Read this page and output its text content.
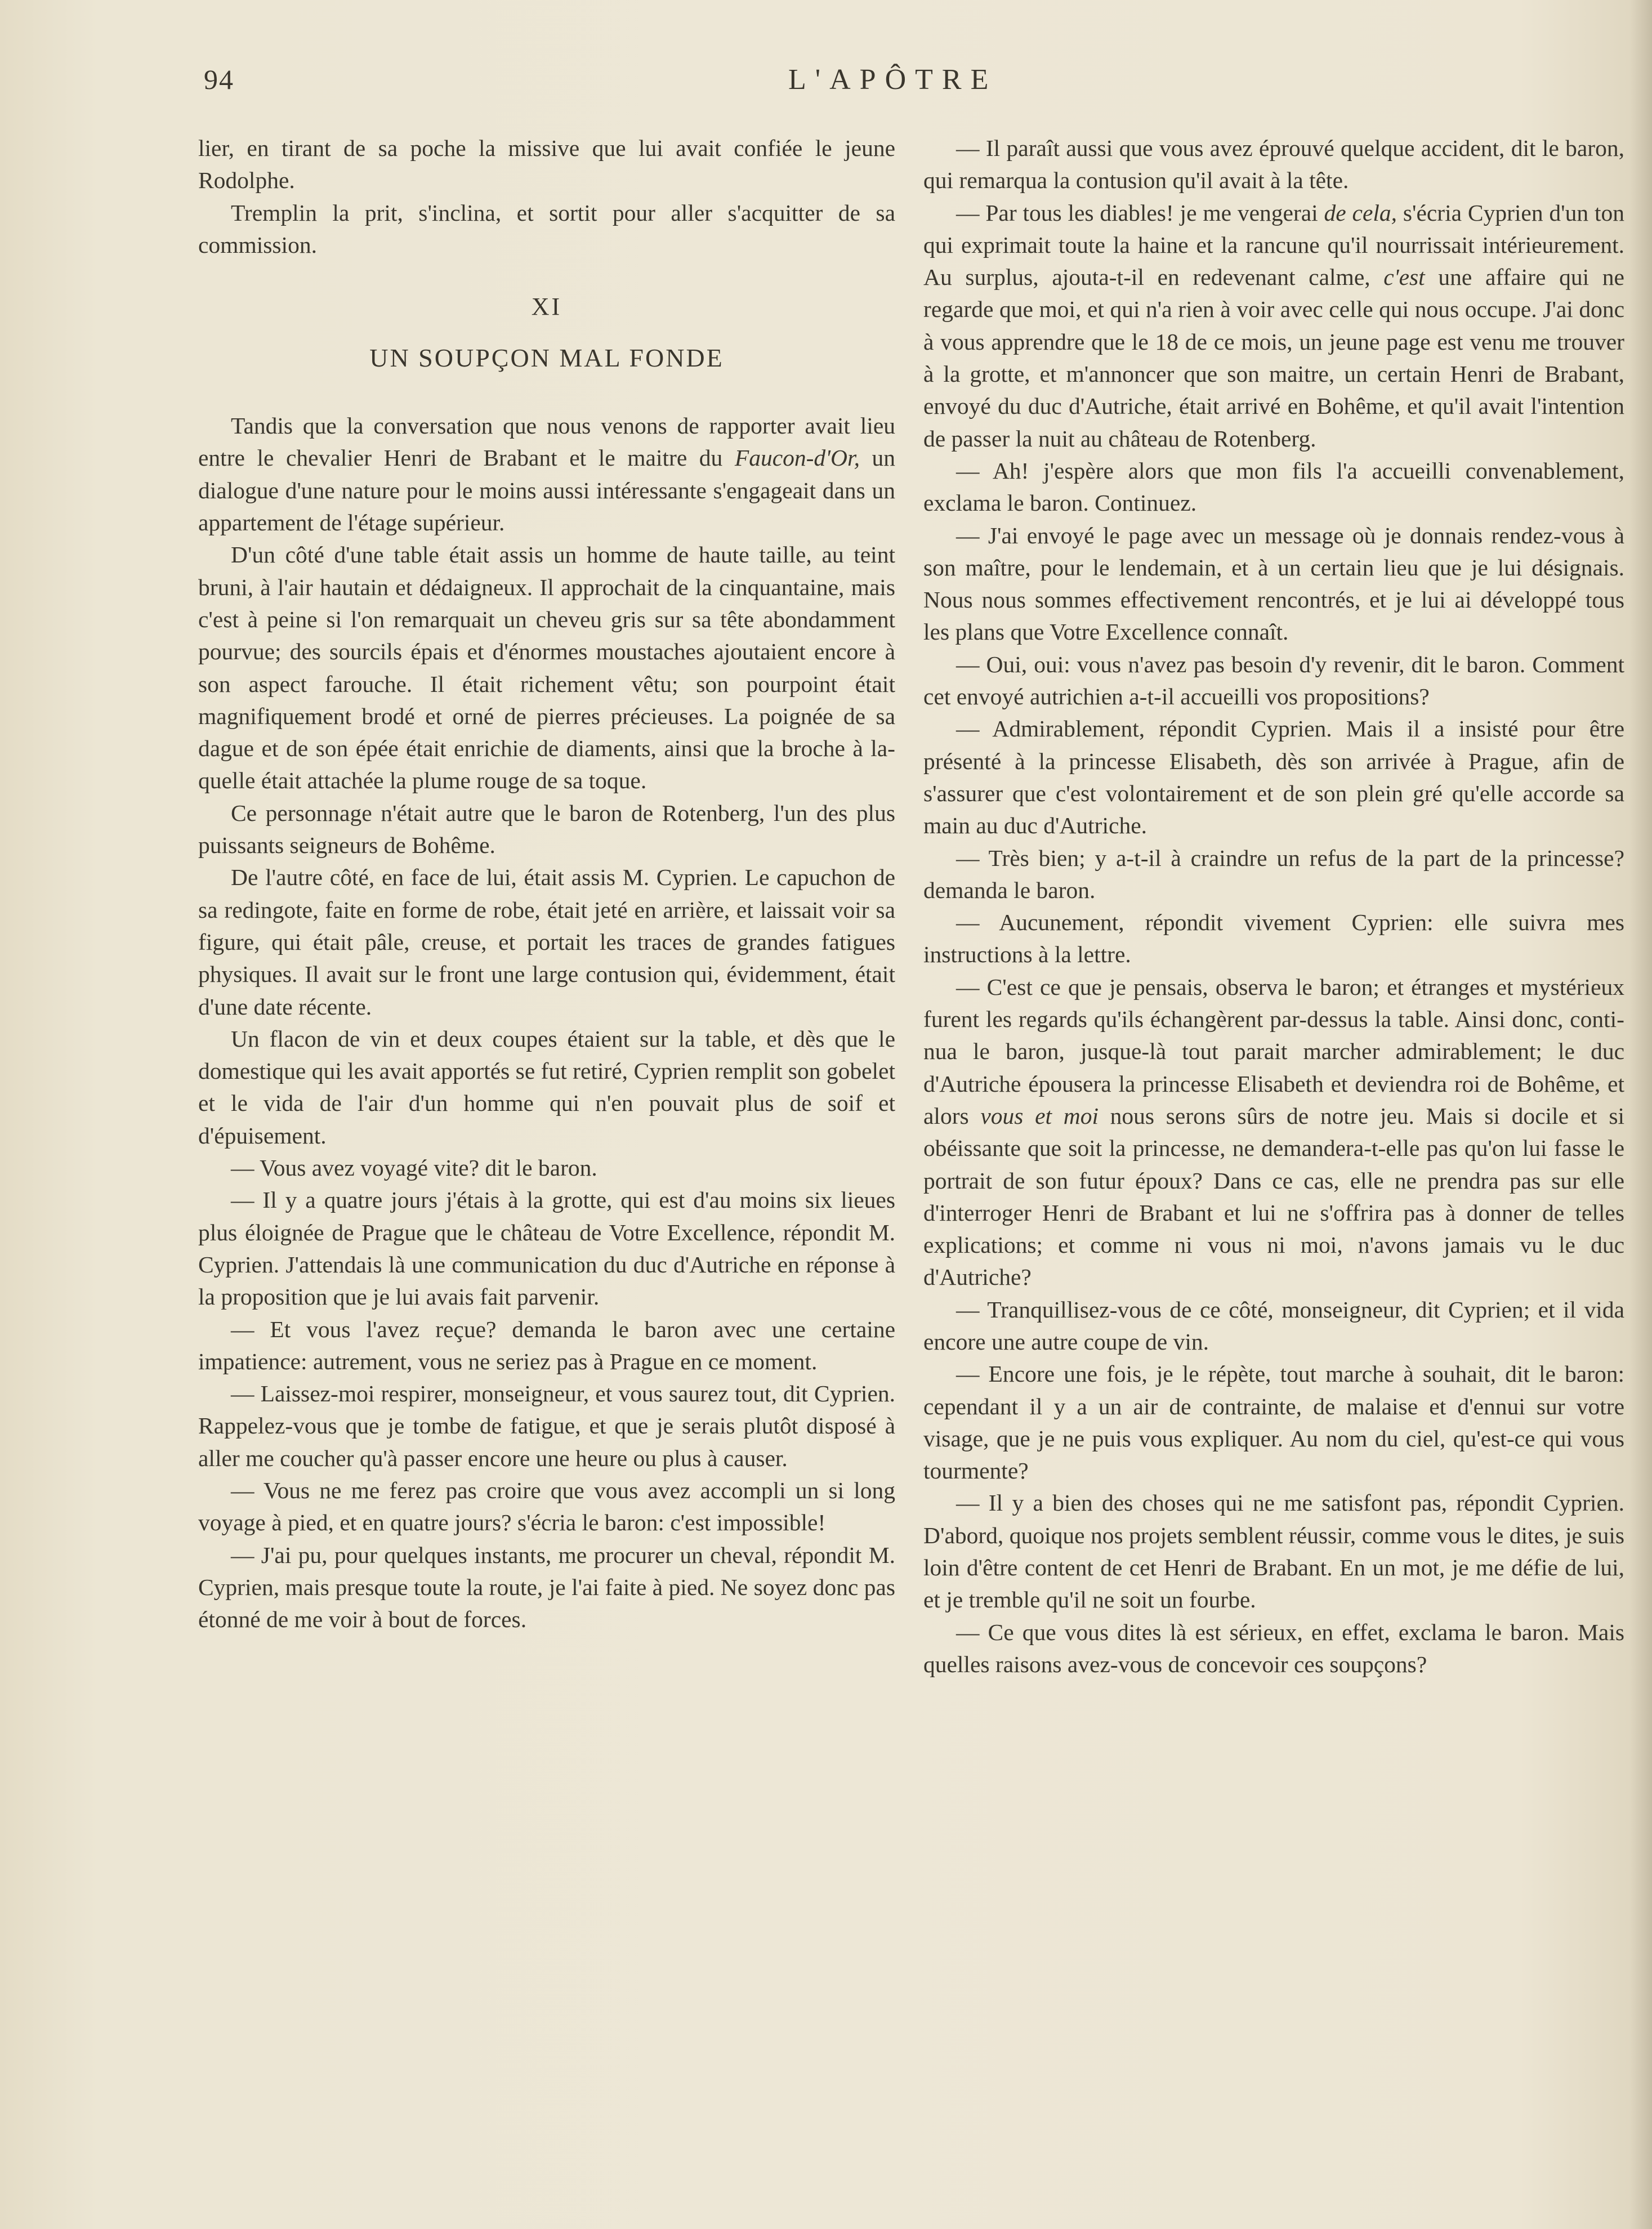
94	L'APÔTRE

lier, en tirant de sa poche la missive que lui avait confiée le jeune Rodolphe.

Tremplin la prit, s'inclina, et sortit pour aller s'acquitter de sa commission.

XI
UN SOUPÇON MAL FONDE

Tandis que la conversation que nous venons de rapporter avait lieu entre le chevalier Henri de Brabant et le maitre du Faucon-d'Or, un dialogue d'une nature pour le moins aussi intéressante s'engageait dans un appartement de l'étage supérieur.

D'un côté d'une table était assis un homme de haute taille, au teint bruni, à l'air hautain et dédaigneux. Il approchait de la cinquantaine, mais c'est à peine si l'on remarquait un cheveu gris sur sa tête abondamment pourvue; des sourcils épais et d'énormes moustaches ajoutaient encore à son aspect farouche. Il était richement vêtu; son pourpoint était magnifiquement brodé et orné de pierres précieuses. La poignée de sa dague et de son épée était enrichie de diaments, ainsi que la broche à laquelle était attachée la plume rouge de sa toque.

Ce personnage n'était autre que le baron de Rotenberg, l'un des plus puissants seigneurs de Bohême.

De l'autre côté, en face de lui, était assis M. Cyprien. Le capuchon de sa redingote, faite en forme de robe, était jeté en arrière, et laissait voir sa figure, qui était pâle, creuse, et portait les traces de grandes fatigues physiques. Il avait sur le front une large contusion qui, évidemment, était d'une date récente.

Un flacon de vin et deux coupes étaient sur la table, et dès que le domestique qui les avait apportés se fut retiré, Cyprien remplit son gobelet et le vida de l'air d'un homme qui n'en pouvait plus de soif et d'épuisement.

— Vous avez voyagé vite? dit le baron.

— Il y a quatre jours j'étais à la grotte, qui est d'au moins six lieues plus éloignée de Prague que le château de Votre Excellence, répondit M. Cyprien. J'attendais là une communication du duc d'Autriche en réponse à la proposition que je lui avais fait parvenir.

— Et vous l'avez reçue? demanda le baron avec une certaine impatience: autrement, vous ne seriez pas à Prague en ce moment.

— Laissez-moi respirer, monseigneur, et vous saurez tout, dit Cyprien. Rappelez-vous que je tombe de fatigue, et que je serais plutôt disposé à aller me coucher qu'à passer encore une heure ou plus à causer.

— Vous ne me ferez pas croire que vous avez accompli un si long voyage à pied, et en quatre jours? s'écria le baron: c'est impossible!

— J'ai pu, pour quelques instants, me procurer un cheval, répondit M. Cyprien, mais presque toute la route, je l'ai faite à pied. Ne soyez donc pas étonné de me voir à bout de forces.

— Il paraît aussi que vous avez éprouvé quelque accident, dit le baron, qui remarqua la contusion qu'il avait à la tête.

— Par tous les diables! je me vengerai de cela, s'écria Cyprien d'un ton qui exprimait toute la haine et la rancune qu'il nourrissait intérieurement. Au surplus, ajouta-t-il en redevenant calme, c'est une affaire qui ne regarde que moi, et qui n'a rien à voir avec celle qui nous occupe. J'ai donc à vous apprendre que le 18 de ce mois, un jeune page est venu me trouver à la grotte, et m'annoncer que son maitre, un certain Henri de Brabant, envoyé du duc d'Autriche, était arrivé en Bohême, et qu'il avait l'intention de passer la nuit au château de Rotenberg.

— Ah! j'espère alors que mon fils l'a accueilli convenablement, exclama le baron. Continuez.

— J'ai envoyé le page avec un message où je donnais rendez-vous à son maître, pour le lendemain, et à un certain lieu que je lui désignais. Nous nous sommes effectivement rencontrés, et je lui ai développé tous les plans que Votre Excellence connaît.

— Oui, oui: vous n'avez pas besoin d'y revenir, dit le baron. Comment cet envoyé autrichien a-t-il accueilli vos propositions?

— Admirablement, répondit Cyprien. Mais il a insisté pour être présenté à la princesse Elisabeth, dès son arrivée à Prague, afin de s'assurer que c'est volontairement et de son plein gré qu'elle accorde sa main au duc d'Autriche.

— Très bien; y a-t-il à craindre un refus de la part de la princesse? demanda le baron.

— Aucunement, répondit vivement Cyprien: elle suivra mes instructions à la lettre.

— C'est ce que je pensais, observa le baron; et étranges et mystérieux furent les regards qu'ils échangèrent par-dessus la table. Ainsi donc, continua le baron, jusque-là tout parait marcher admirablement; le duc d'Autriche épousera la princesse Elisabeth et deviendra roi de Bohême, et alors vous et moi nous serons sûrs de notre jeu. Mais si docile et si obéissante que soit la princesse, ne demandera-t-elle pas qu'on lui fasse le portrait de son futur époux? Dans ce cas, elle ne prendra pas sur elle d'interroger Henri de Brabant et lui ne s'offrira pas à donner de telles explications; et comme ni vous ni moi, n'avons jamais vu le duc d'Autriche?

— Tranquillisez-vous de ce côté, monseigneur, dit Cyprien; et il vida encore une autre coupe de vin.

— Encore une fois, je le répète, tout marche à souhait, dit le baron: cependant il y a un air de contrainte, de malaise et d'ennui sur votre visage, que je ne puis vous expliquer. Au nom du ciel, qu'est-ce qui vous tourmente?

— Il y a bien des choses qui ne me satisfont pas, répondit Cyprien. D'abord, quoique nos projets semblent réussir, comme vous le dites, je suis loin d'être content de cet Henri de Brabant. En un mot, je me défie de lui, et je tremble qu'il ne soit un fourbe.

— Ce que vous dites là est sérieux, en effet, exclama le baron. Mais quelles raisons avez-vous de concevoir ces soupçons?
